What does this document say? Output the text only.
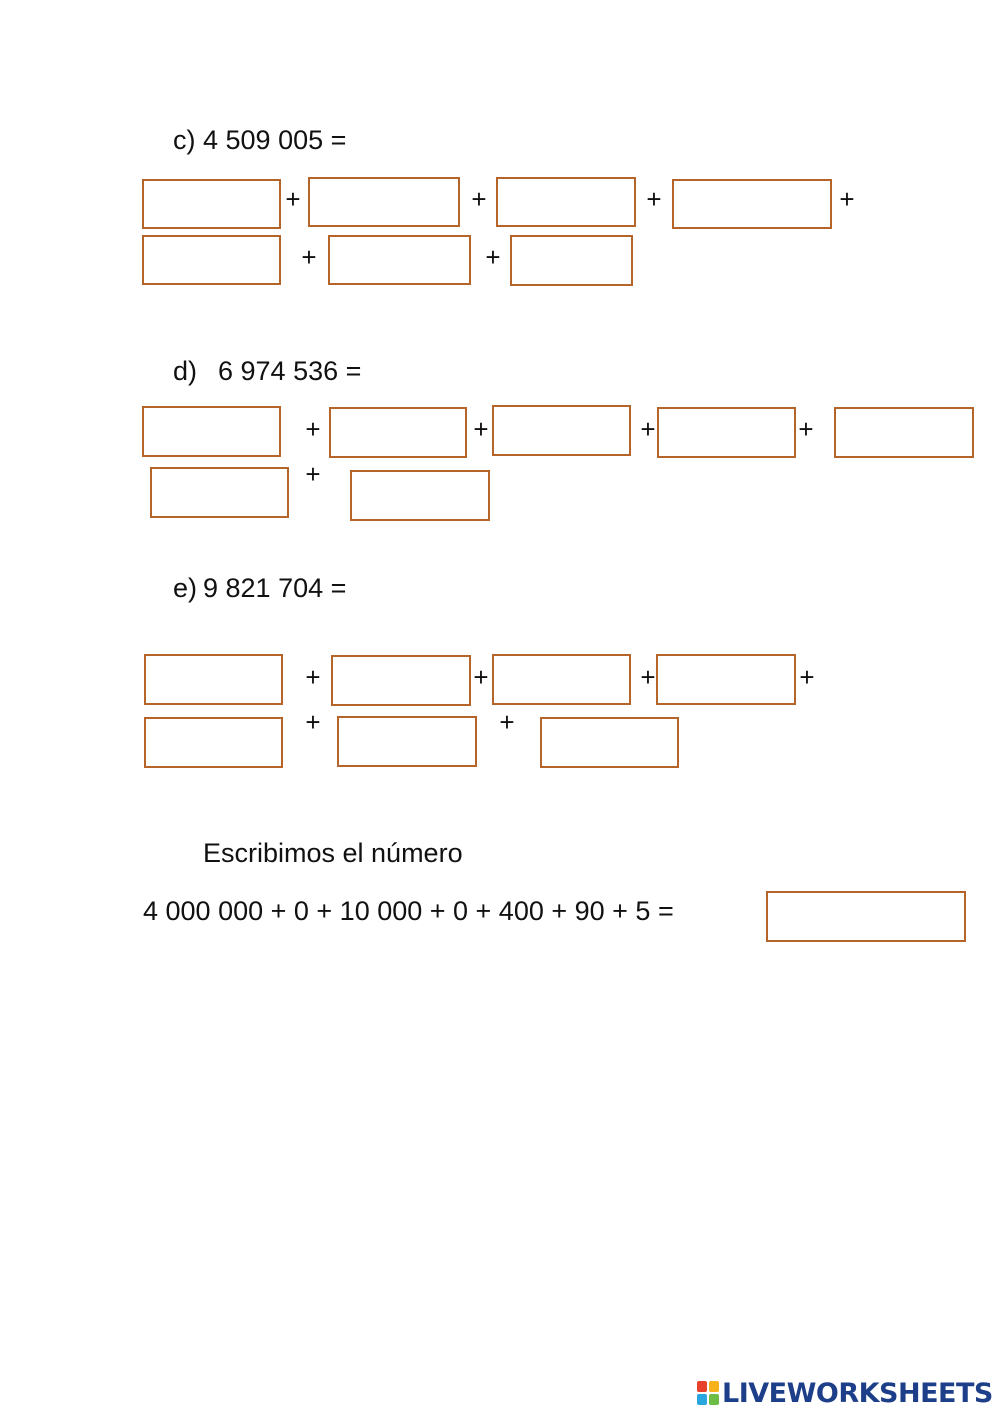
c) 4 509 005 =
+	+	+	+
+	+
d) 6 974 536 =
+	+	+	+
+
e) 9 821 704 =
+	+	+	+
+	+
Escribimos el número
4 000 000 + 0 + 10 000 + 0 + 400 + 90 + 5 =
LIVEWORKSHEETS
